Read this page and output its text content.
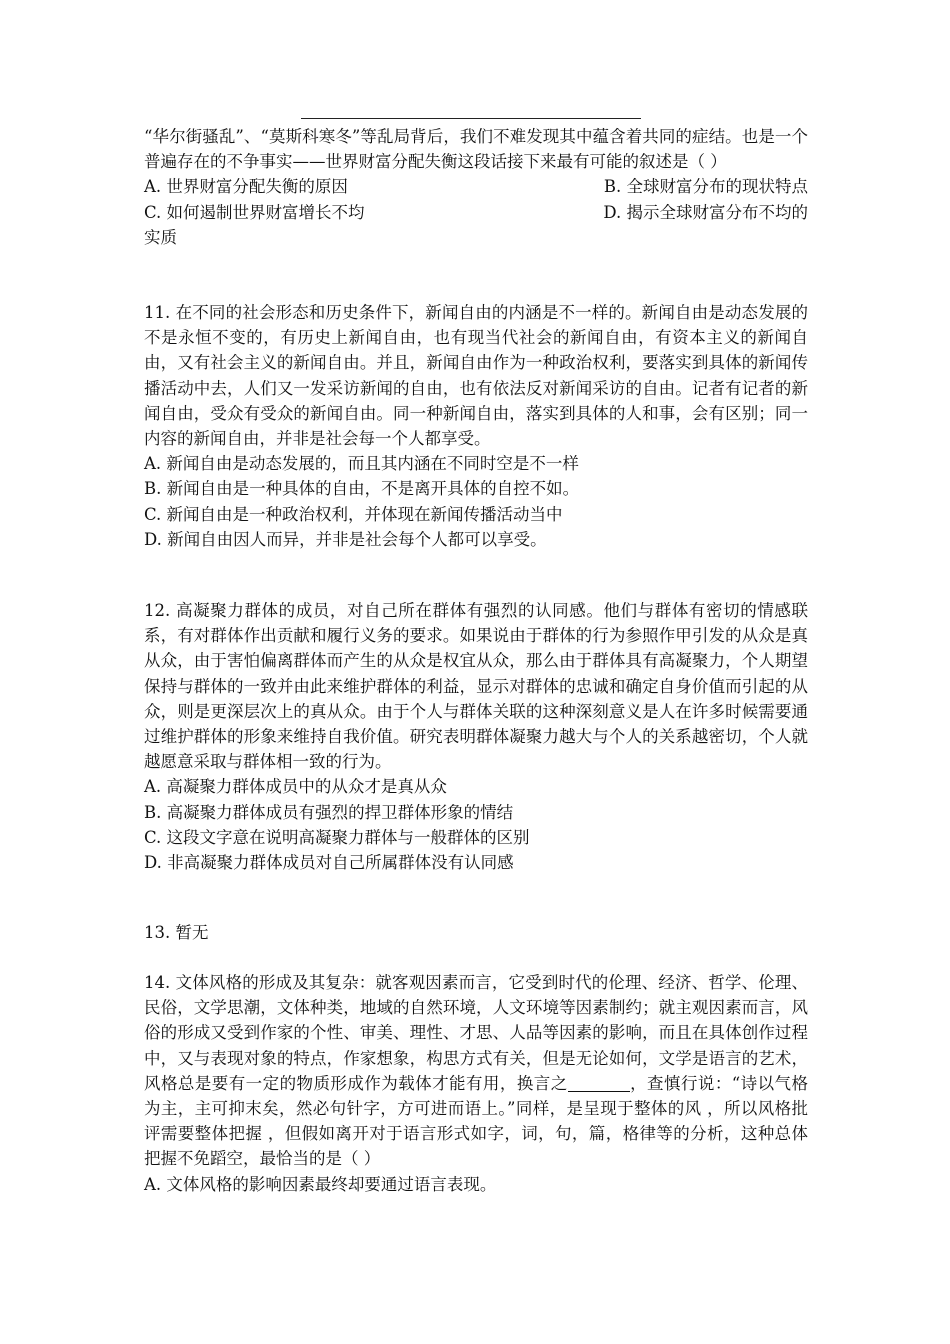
“华尔街骚乱”、“莫斯科寒冬”等乱局背后，我们不难发现其中蕴含着共同的症结。也是一个普遍存在的不争事实——世界财富分配失衡这段话接下来最有可能的叙述是（ ）
A. 世界财富分配失衡的原因	B. 全球财富分布的现状特点
C. 如何遏制世界财富增长不均	D. 揭示全球财富分布不均的
实质
11. 在不同的社会形态和历史条件下，新闻自由的内涵是不一样的。新闻自由是动态发展的不是永恒不变的，有历史上新闻自由，也有现当代社会的新闻自由，有资本主义的新闻自由，又有社会主义的新闻自由。并且，新闻自由作为一种政治权利，要落实到具体的新闻传播活动中去，人们又一发采访新闻的自由，也有依法反对新闻采访的自由。记者有记者的新闻自由，受众有受众的新闻自由。同一种新闻自由，落实到具体的人和事，会有区别；同一内容的新闻自由，并非是社会每一个人都享受。
A. 新闻自由是动态发展的，而且其内涵在不同时空是不一样
B. 新闻自由是一种具体的自由，不是离开具体的自控不如。
C. 新闻自由是一种政治权利，并体现在新闻传播活动当中
D. 新闻自由因人而异，并非是社会每个人都可以享受。
12. 高凝聚力群体的成员，对自己所在群体有强烈的认同感。他们与群体有密切的情感联系，有对群体作出贡献和履行义务的要求。如果说由于群体的行为参照作甲引发的从众是真从众，由于害怕偏离群体而产生的从众是权宜从众，那么由于群体具有高凝聚力，个人期望保持与群体的一致并由此来维护群体的利益，显示对群体的忠诚和确定自身价值而引起的从众，则是更深层次上的真从众。由于个人与群体关联的这种深刻意义是人在许多时候需要通过维护群体的形象来维持自我价值。研究表明群体凝聚力越大与个人的关系越密切，个人就越愿意采取与群体相一致的行为。
A. 高凝聚力群体成员中的从众才是真从众
B. 高凝聚力群体成员有强烈的捍卫群体形象的情结
C. 这段文字意在说明高凝聚力群体与一般群体的区别
D. 非高凝聚力群体成员对自己所属群体没有认同感
13. 暂无
14. 文体风格的形成及其复杂：就客观因素而言，它受到时代的伦理、经济、哲学、伦理、民俗，文学思潮，文体种类，地域的自然环境，人文环境等因素制约；就主观因素而言，风俗的形成又受到作家的个性、审美、理性、才思、人品等因素的影响，而且在具体创作过程中，又与表现对象的特点，作家想象，构思方式有关，但是无论如何，文学是语言的艺术，风格总是要有一定的物质形成作为载体才能有用，换言之	，查慎行说：“诗以气格为主，主可抑末矣，然必句针字，方可进而语上。”同样，是呈现于整体的风 ，所以风格批评需要整体把握 ，但假如离开对于语言形式如字，词，句，篇，格律等的分析，这种总体把握不免蹈空，最恰当的是（ ）
A. 文体风格的影响因素最终却要通过语言表现。
